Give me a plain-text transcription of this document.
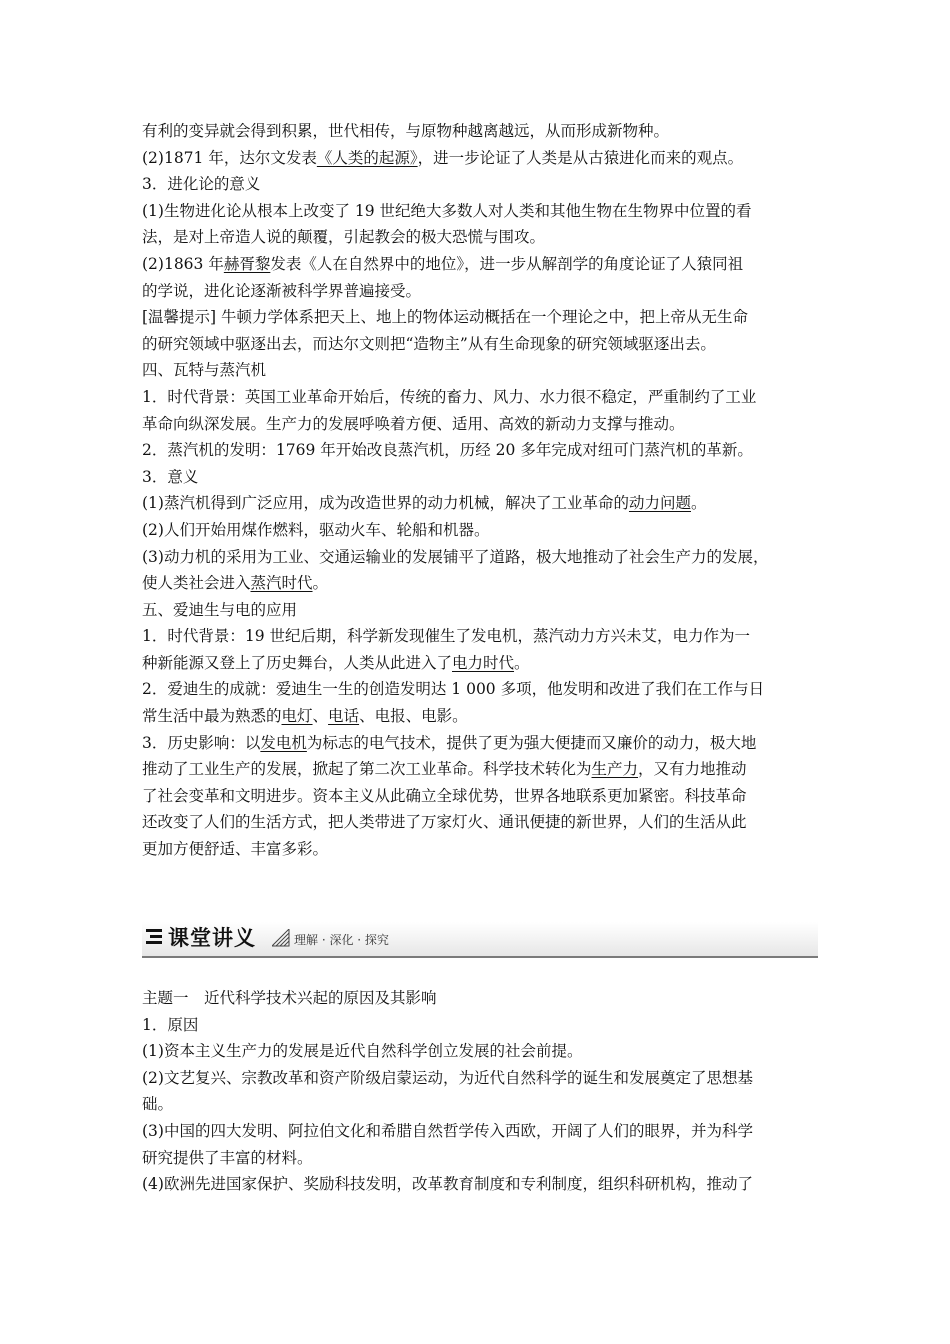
有利的变异就会得到积累，世代相传，与原物种越离越远，从而形成新物种。

(2)1871 年，达尔文发表《人类的起源》，进一步论证了人类是从古猿进化而来的观点。

3．进化论的意义

(1)生物进化论从根本上改变了 19 世纪绝大多数人对人类和其他生物在生物界中位置的看

法，是对上帝造人说的颠覆，引起教会的极大恐慌与围攻。

(2)1863 年赫胥黎发表《人在自然界中的地位》，进一步从解剖学的角度论证了人猿同祖

的学说，进化论逐渐被科学界普遍接受。

[温馨提示] 牛顿力学体系把天上、地上的物体运动概括在一个理论之中，把上帝从无生命

的研究领域中驱逐出去，而达尔文则把“造物主”从有生命现象的研究领域驱逐出去。

四、瓦特与蒸汽机

1．时代背景：英国工业革命开始后，传统的畜力、风力、水力很不稳定，严重制约了工业

革命向纵深发展。生产力的发展呼唤着方便、适用、高效的新动力支撑与推动。

2．蒸汽机的发明：1769 年开始改良蒸汽机，历经 20 多年完成对纽可门蒸汽机的革新。

3．意义

(1)蒸汽机得到广泛应用，成为改造世界的动力机械，解决了工业革命的动力问题。

(2)人们开始用煤作燃料，驱动火车、轮船和机器。

(3)动力机的采用为工业、交通运输业的发展铺平了道路，极大地推动了社会生产力的发展，

使人类社会进入蒸汽时代。

五、爱迪生与电的应用

1．时代背景：19 世纪后期，科学新发现催生了发电机，蒸汽动力方兴未艾，电力作为一

种新能源又登上了历史舞台，人类从此进入了电力时代。

2．爱迪生的成就：爱迪生一生的创造发明达 1 000 多项，他发明和改进了我们在工作与日

常生活中最为熟悉的电灯、电话、电报、电影。

3．历史影响：以发电机为标志的电气技术，提供了更为强大便捷而又廉价的动力，极大地

推动了工业生产的发展，掀起了第二次工业革命。科学技术转化为生产力，又有力地推动

了社会变革和文明进步。资本主义从此确立全球优势，世界各地联系更加紧密。科技革命

还改变了人们的生活方式，把人类带进了万家灯火、通讯便捷的新世界，人们的生活从此

更加方便舒适、丰富多彩。

课堂讲义	理解 · 深化 · 探究

主题一　近代科学技术兴起的原因及其影响

1．原因

(1)资本主义生产力的发展是近代自然科学创立发展的社会前提。

(2)文艺复兴、宗教改革和资产阶级启蒙运动，为近代自然科学的诞生和发展奠定了思想基

础。

(3)中国的四大发明、阿拉伯文化和希腊自然哲学传入西欧，开阔了人们的眼界，并为科学

研究提供了丰富的材料。

(4)欧洲先进国家保护、奖励科技发明，改革教育制度和专利制度，组织科研机构，推动了
